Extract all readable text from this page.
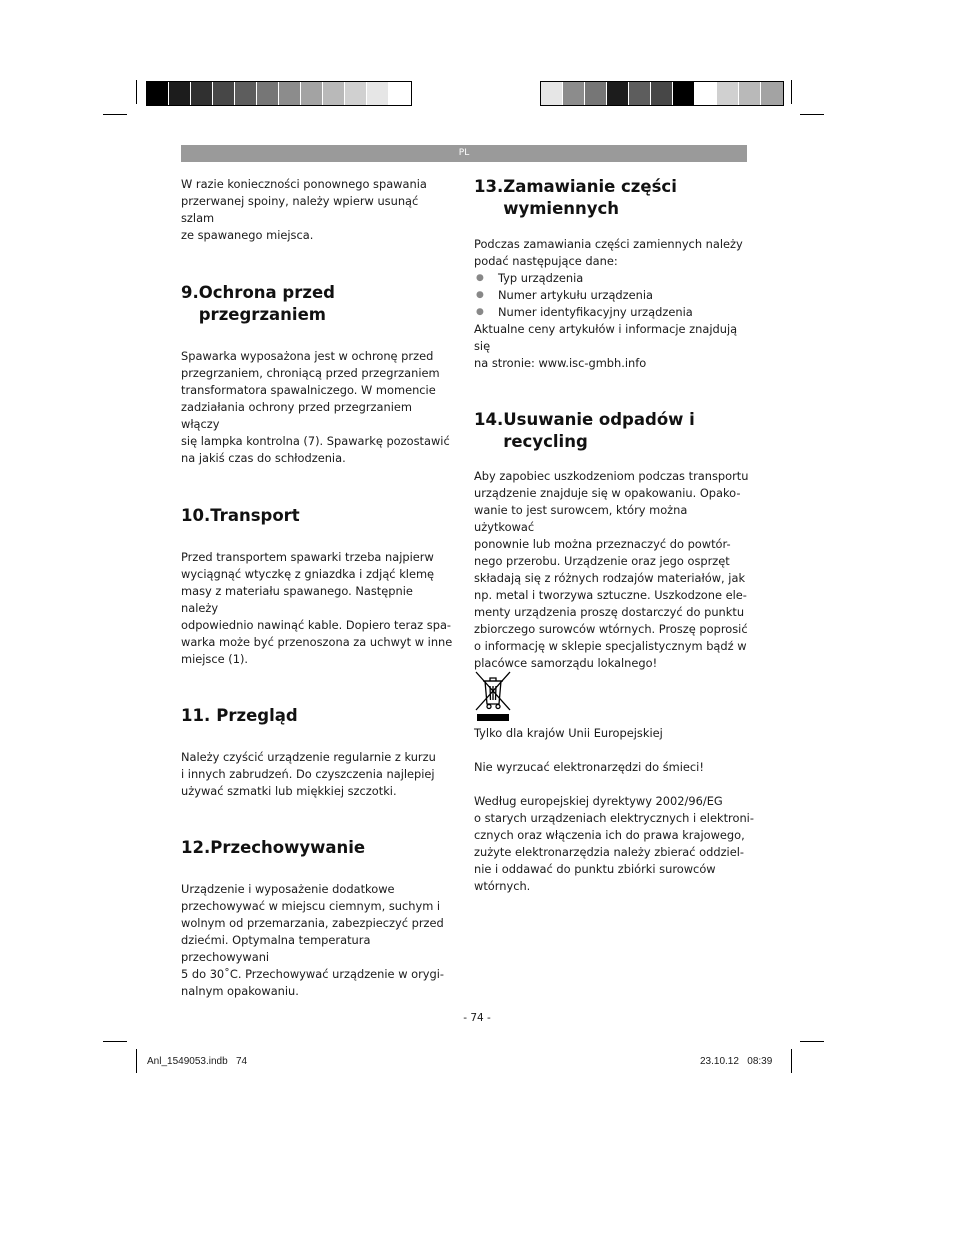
PL

W razie konieczności ponownego spawania
przerwanej spoiny, należy wpierw usunąć szlam
ze spawanego miejsca.

9. Ochrona przed
przegrzaniem

Spawarka wyposażona jest w ochronę przed
przegrzaniem, chroniącą przed przegrzaniem
transformatora spawalniczego. W momencie
zadziałania ochrony przed przegrzaniem włączy
się lampka kontrolna (7). Spawarkę pozostawić
na jakiś czas do schłodzenia.

10. Transport

Przed transportem spawarki trzeba najpierw
wyciągnąć wtyczkę z gniazdka i zdjąć klemę
masy z materiału spawanego. Następnie należy
odpowiednio nawinąć kable. Dopiero teraz spa-
warka może być przenoszona za uchwyt w inne
miejsce (1).

11. Przegląd

Należy czyścić urządzenie regularnie z kurzu
i innych zabrudzeń. Do czyszczenia najlepiej
używać szmatki lub miękkiej szczotki.

12. Przechowywanie

Urządzenie i wyposażenie dodatkowe
przechowywać w miejscu ciemnym, suchym i
wolnym od przemarzania, zabezpieczyć przed
dziećmi. Optymalna temperatura przechowywani
5 do 30˚C. Przechowywać urządzenie w orygi-
nalnym opakowaniu.

13. Zamawianie części
wymiennych

Podczas zamawiania części zamiennych należy
podać następujące dane:

●	Typ urządzenia
●	Numer artykułu urządzenia
●	Numer identyfikacyjny urządzenia

Aktualne ceny artykułów i informacje znajdują się
na stronie: www.isc-gmbh.info

14. Usuwanie odpadów i
recycling

Aby zapobiec uszkodzeniom podczas transportu
urządzenie znajduje się w opakowaniu. Opako-
wanie to jest surowcem, który można użytkować
ponownie lub można przeznaczyć do powtór-
nego przerobu. Urządzenie oraz jego osprzęt
składają się z różnych rodzajów materiałów, jak
np. metal i tworzywa sztuczne. Uszkodzone ele-
menty urządzenia proszę dostarczyć do punktu
zbiorczego surowców wtórnych. Proszę poprosić
o informację w sklepie specjalistycznym bądź w
placówce samorządu lokalnego!

Tylko dla krajów Unii Europejskiej
Nie wyrzucać elektronarzędzi do śmieci!
Według europejskiej dyrektywy 2002/96/EG
o starych urządzeniach elektrycznych i elektroni-
cznych oraz włączenia ich do prawa krajowego,
zużyte elektronarzędzia należy zbierać oddziel-
nie i oddawać do punktu zbiórki surowców
wtórnych.
- 74 -
Anl_1549053.indb   74	23.10.12   08:39
